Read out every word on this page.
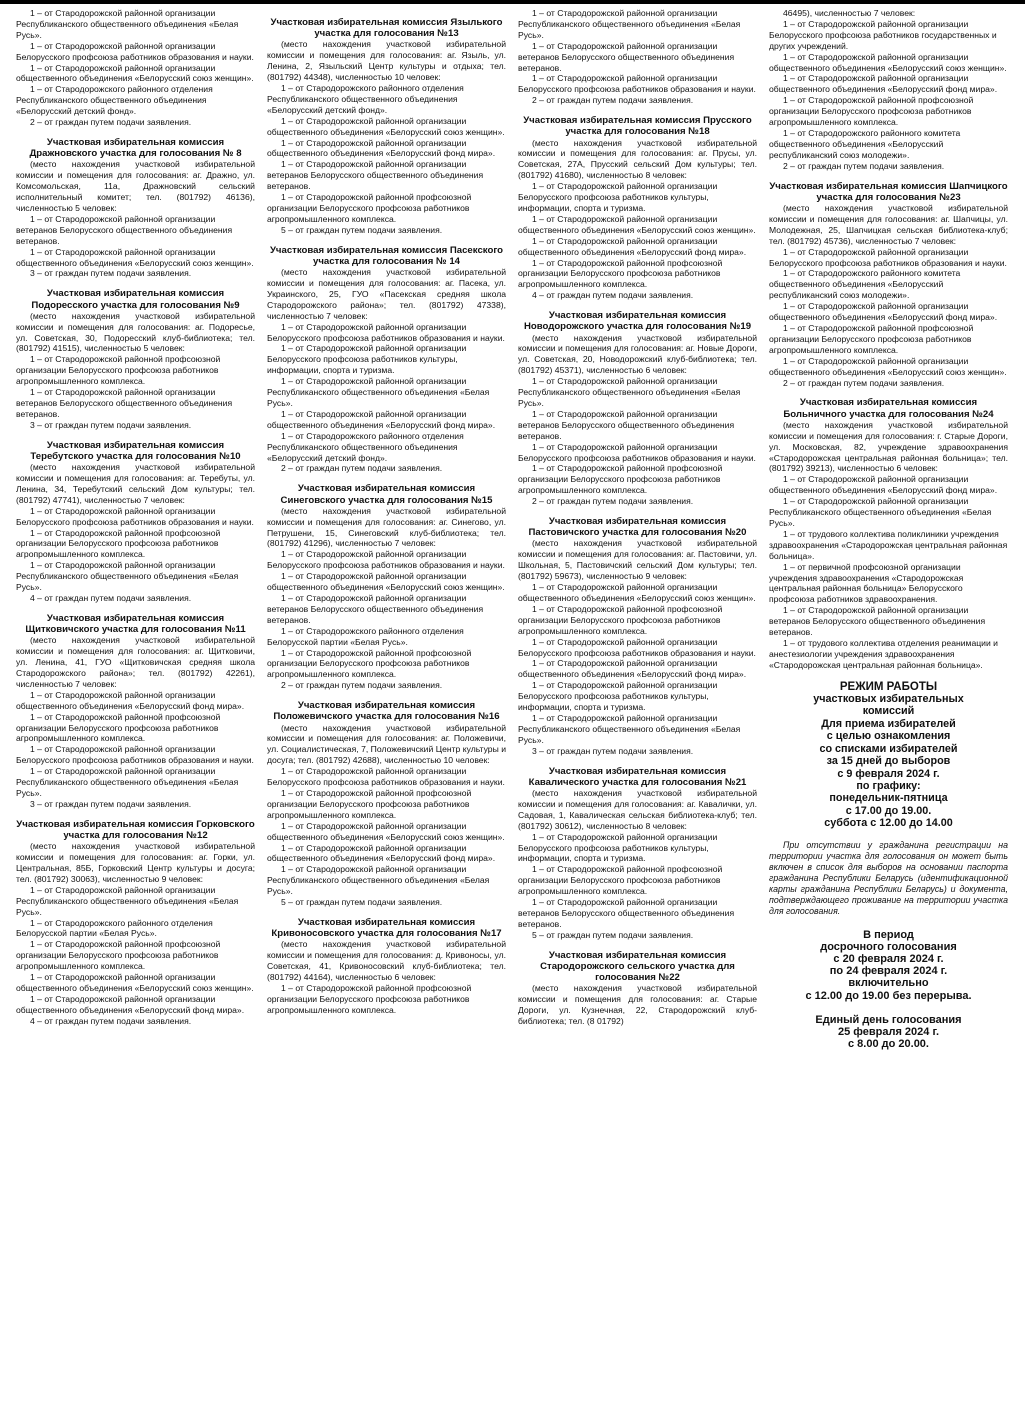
1 – от Стародорожской районной организации Республиканского общественного объединения «Белая Русь».

1 – от Стародорожской районной организации Белорусского профсоюза работников образования и науки.

1 – от Стародорожской районной организации общественного объединения «Белорусский союз женщин».

1 – от Стародорожского районного отделения Республиканского общественного объединения «Белорусский детский фонд».

2 – от граждан путем подачи заявления.

Участковая избирательная комиссия Дражновского участка для голосования № 8

(место нахождения участковой избирательной комиссии и помещения для голосования: аг. Дражно, ул. Комсомольская, 11а, Дражновский сельский исполнительный комитет; тел. (801792) 46136), численностью 5 человек:

1 – от Стародорожской районной организации ветеранов Белорусского общественного объединения ветеранов.

1 – от Стародорожской районной организации общественного объединения «Белорусский союз женщин».

3 – от граждан путем подачи заявления.

Участковая избирательная комиссия Подоресского участка для голосования №9

(место нахождения участковой избирательной комиссии и помещения для голосования: аг. Подоресье, ул. Советская, 30, Подоресский клуб-библиотека; тел. (801792) 41515), численностью 5 человек:

1 – от Стародорожской районной профсоюзной организации Белорусского профсоюза работников агропромышленного комплекса.

1 – от Стародорожской районной организации ветеранов Белорусского общественного объединения ветеранов.

3 – от граждан путем подачи заявления.

Участковая избирательная комиссия Теребутского участка для голосования №10

(место нахождения участковой избирательной комиссии и помещения для голосования: аг. Теребуты, ул. Ленина, 34, Теребутский сельский Дом культуры; тел. (801792) 47741), численностью 7 человек:

1 – от Стародорожской районной организации Белорусского профсоюза работников образования и науки.

1 – от Стародорожской районной профсоюзной организации Белорусского профсоюза работников агропромышленного комплекса.

1 – от Стародорожской районной организации Республиканского общественного объединения «Белая Русь».

4 – от граждан путем подачи заявления.

Участковая избирательная комиссия Щитковичского участка для голосования №11

(место нахождения участковой избирательной комиссии и помещения для голосования: аг. Щитковичи, ул. Ленина, 41, ГУО «Щитковичская средняя школа Стародорожского района»; тел. (801792) 42261), численностью 7 человек:

1 – от Стародорожской районной организации общественного объединения «Белорусский фонд мира».

1 – от Стародорожской районной профсоюзной организации Белорусского профсоюза работников агропромышленного комплекса.

1 – от Стародорожской районной организации Белорусского профсоюза работников образования и науки.

1 – от Стародорожской районной организации Республиканского общественного объединения «Белая Русь».

3 – от граждан путем подачи заявления.

Участковая избирательная комиссия Горковского участка для голосования №12

(место нахождения участковой избирательной комиссии и помещения для голосования: аг. Горки, ул. Центральная, 85Б, Горковский Центр культуры и досуга; тел. (801792) 30063), численностью 9 человек:

1 – от Стародорожской районной организации Республиканского общественного объединения «Белая Русь».

1 – от Стародорожского районного отделения Белорусской партии «Белая Русь».

1 – от Стародорожской районной профсоюзной организации Белорусского профсоюза работников агропромышленного комплекса.

1 – от Стародорожской районной организации общественного объединения «Белорусский союз женщин».

1 – от Стародорожской районной организации общественного объединения «Белорусский фонд мира».

4 – от граждан путем подачи заявления.

Участковая избирательная комиссия Язылького участка для голосования №13

(место нахождения участковой избирательной комиссии и помещения для голосования: аг. Языль, ул. Ленина, 2, Языльский Центр культуры и отдыха; тел. (801792) 44348), численностью 10 человек:

1 – от Стародорожского районного отделения Республиканского общественного объединения «Белорусский детский фонд».

1 – от Стародорожской районной организации общественного объединения «Белорусский союз женщин».

1 – от Стародорожской районной организации общественного объединения «Белорусский фонд мира».

1 – от Стародорожской районной организации ветеранов Белорусского общественного объединения ветеранов.

1 – от Стародорожской районной профсоюзной организации Белорусского профсоюза работников агропромышленного комплекса.

5 – от граждан путем подачи заявления.

Участковая избирательная комиссия Пасекского участка для голосования № 14

(место нахождения участковой избирательной комиссии и помещения для голосования: аг. Пасека, ул. Украинского, 25, ГУО «Пасекская средняя школа Стародорожского района»; тел. (801792) 47338), численностью 7 человек:

1 – от Стародорожской районной организации Белорусского профсоюза работников образования и науки.

1 – от Стародорожской районной организации Белорусского профсоюза работников культуры, информации, спорта и туризма.

1 – от Стародорожской районной организации Республиканского общественного объединения «Белая Русь».

1 – от Стародорожской районной организации общественного объединения «Белорусский фонд мира».

1 – от Стародорожского районного отделения Республиканского общественного объединения «Белорусский детский фонд».

2 – от граждан путем подачи заявления.

Участковая избирательная комиссия Синеговского участка для голосования №15

(место нахождения участковой избирательной комиссии и помещения для голосования: аг. Синегово, ул. Петрушени, 15, Синеговский клуб-библиотека; тел. (801792) 41296), численностью 7 человек:

1 – от Стародорожской районной организации Белорусского профсоюза работников образования и науки.

1 – от Стародорожской районной организации общественного объединения «Белорусский союз женщин».

1 – от Стародорожской районной организации ветеранов Белорусского общественного объединения ветеранов.

1 – от Стародорожского районного отделения Белорусской партии «Белая Русь».

1 – от Стародорожской районной профсоюзной организации Белорусского профсоюза работников агропромышленного комплекса.

2 – от граждан путем подачи заявления.

Участковая избирательная комиссия Положевичского участка для голосования №16

(место нахождения участковой избирательной комиссии и помещения для голосования: аг. Положевичи, ул. Социалистическая, 7, Положевичский Центр культуры и досуга; тел. (801792) 42688), численностью 10 человек:

1 – от Стародорожской районной организации Белорусского профсоюза работников образования и науки.

1 – от Стародорожской районной профсоюзной организации Белорусского профсоюза работников агропромышленного комплекса.

1 – от Стародорожской районной организации общественного объединения «Белорусский союз женщин».

1 – от Стародорожской районной организации общественного объединения «Белорусский фонд мира».

1 – от Стародорожской районной организации Республиканского общественного объединения «Белая Русь».

5 – от граждан путем подачи заявления.

Участковая избирательная комиссия Кривоносовского участка для голосования №17

(место нахождения участковой избирательной комиссии и помещения для голосования: д. Кривоносы, ул. Советская, 41, Кривоносовский клуб-библиотека; тел. (801792) 44164), численностью 6 человек:

1 – от Стародорожской районной профсоюзной организации Белорусского профсоюза работников агропромышленного комплекса.

1 – от Стародорожской районной организации Республиканского общественного объединения «Белая Русь».

1 – от Стародорожской районной организации ветеранов Белорусского общественного объединения ветеранов.

1 – от Стародорожской районной организации Белорусского профсоюза работников образования и науки.

2 – от граждан путем подачи заявления.

Участковая избирательная комиссия Прусского участка для голосования №18

(место нахождения участковой избирательной комиссии и помещения для голосования: аг. Прусы, ул. Советская, 27А, Прусский сельский Дом культуры; тел. (801792) 41680), численностью 8 человек:

1 – от Стародорожской районной организации Белорусского профсоюза работников культуры, информации, спорта и туризма.

1 – от Стародорожской районной организации общественного объединения «Белорусский союз женщин».

1 – от Стародорожской районной организации общественного объединения «Белорусский фонд мира».

1 – от Стародорожской районной профсоюзной организации Белорусского профсоюза работников агропромышленного комплекса.

4 – от граждан путем подачи заявления.

Участковая избирательная комиссия Новодорожского участка для голосования №19

(место нахождения участковой избирательной комиссии и помещения для голосования: аг. Новые Дороги, ул. Советская, 20, Новодорожский клуб-библиотека; тел. (801792) 45371), численностью 6 человек:

1 – от Стародорожской районной организации Республиканского общественного объединения «Белая Русь».

1 – от Стародорожской районной организации ветеранов Белорусского общественного объединения ветеранов.

1 – от Стародорожской районной организации Белорусского профсоюза работников образования и науки.

1 – от Стародорожской районной профсоюзной организации Белорусского профсоюза работников агропромышленного комплекса.

2 – от граждан путем подачи заявления.

Участковая избирательная комиссия Пастовичского участка для голосования №20

(место нахождения участковой избирательной комиссии и помещения для голосования: аг. Пастовичи, ул. Школьная, 5, Пастовичский сельский Дом культуры; тел. (801792) 59673), численностью 9 человек:

1 – от Стародорожской районной организации общественного объединения «Белорусский союз женщин».

1 – от Стародорожской районной профсоюзной организации Белорусского профсоюза работников агропромышленного комплекса.

1 – от Стародорожской районной организации Белорусского профсоюза работников образования и науки.

1 – от Стародорожской районной организации общественного объединения «Белорусский фонд мира».

1 – от Стародорожской районной организации Белорусского профсоюза работников культуры, информации, спорта и туризма.

1 – от Стародорожской районной организации Республиканского общественного объединения «Белая Русь».

3 – от граждан путем подачи заявления.

Участковая избирательная комиссия Кавалического участка для голосования №21

(место нахождения участковой избирательной комиссии и помещения для голосования: аг. Кавалички, ул. Садовая, 1, Кавалическая сельская библиотека-клуб; тел. (801792) 30612), численностью 8 человек:

1 – от Стародорожской районной организации Белорусского профсоюза работников культуры, информации, спорта и туризма.

1 – от Стародорожской районной профсоюзной организации Белорусского профсоюза работников агропромышленного комплекса.

1 – от Стародорожской районной организации ветеранов Белорусского общественного объединения ветеранов.

5 – от граждан путем подачи заявления.

Участковая избирательная комиссия Стародорожского сельского участка для голосования №22

(место нахождения участковой избирательной комиссии и помещения для голосования: аг. Старые Дороги, ул. Кузнечная, 22, Стародорожский клуб-библиотека; тел. (8 01792)

46495), численностью 7 человек:

1 – от Стародорожской районной организации Белорусского профсоюза работников государственных и других учреждений.

1 – от Стародорожской районной организации общественного объединения «Белорусский союз женщин».

1 – от Стародорожской районной организации общественного объединения «Белорусский фонд мира».

1 – от Стародорожской районной профсоюзной организации Белорусского профсоюза работников агропромышленного комплекса.

1 – от Стародорожского районного комитета общественного объединения «Белорусский республиканский союз молодежи».

2 – от граждан путем подачи заявления.

Участковая избирательная комиссия Шапчицкого участка для голосования №23

(место нахождения участковой избирательной комиссии и помещения для голосования: аг. Шапчицы, ул. Молодежная, 25, Шапчицкая сельская библиотека-клуб; тел. (801792) 45736), численностью 7 человек:

1 – от Стародорожской районной организации Белорусского профсоюза работников образования и науки.

1 – от Стародорожского районного комитета общественного объединения «Белорусский республиканский союз молодежи».

1 – от Стародорожской районной организации общественного объединения «Белорусский фонд мира».

1 – от Стародорожской районной профсоюзной организации Белорусского профсоюза работников агропромышленного комплекса.

1 – от Стародорожской районной организации общественного объединения «Белорусский союз женщин».

2 – от граждан путем подачи заявления.

Участковая избирательная комиссия Больничного участка для голосования №24

(место нахождения участковой избирательной комиссии и помещения для голосования: г. Старые Дороги, ул. Московская, 82, учреждение здравоохранения «Стародорожская центральная районная больница»; тел. (801792) 39213), численностью 6 человек:

1 – от Стародорожской районной организации общественного объединения «Белорусский фонд мира».

1 – от Стародорожской районной организации Республиканского общественного объединения «Белая Русь».

1 – от трудового коллектива поликлиники учреждения здравоохранения «Стародорожская центральная районная больница».

1 – от первичной профсоюзной организации учреждения здравоохранения «Стародорожская центральная районная больница» Белорусского профсоюза работников здравоохранения.

1 – от Стародорожской районной организации ветеранов Белорусского общественного объединения ветеранов.

1 – от трудового коллектива отделения реанимации и анестезиологии учреждения здравоохранения «Стародорожская центральная районная больница».

РЕЖИМ РАБОТЫ

участковых избирательных

комиссий

Для приема избирателей

с целью ознакомления

со списками избирателей

за 15 дней до выборов

с 9 февраля 2024 г.

по графику:

понедельник-пятница

с 17.00 до 19.00.

суббота с 12.00 до 14.00

При отсутствии у гражданина регистрации на территории участка для голосования он может быть включен в список для выборов на основании паспорта гражданина Республики Беларусь (идентификационной карты гражданина Республики Беларусь) и документа, подтверждающего проживание на территории участка для голосования.

В период

досрочного голосования

с 20 февраля 2024 г.

по 24 февраля 2024 г.

включительно

с 12.00 до 19.00 без перерыва.

Единый день голосования

25 февраля 2024 г.

с 8.00 до 20.00.
